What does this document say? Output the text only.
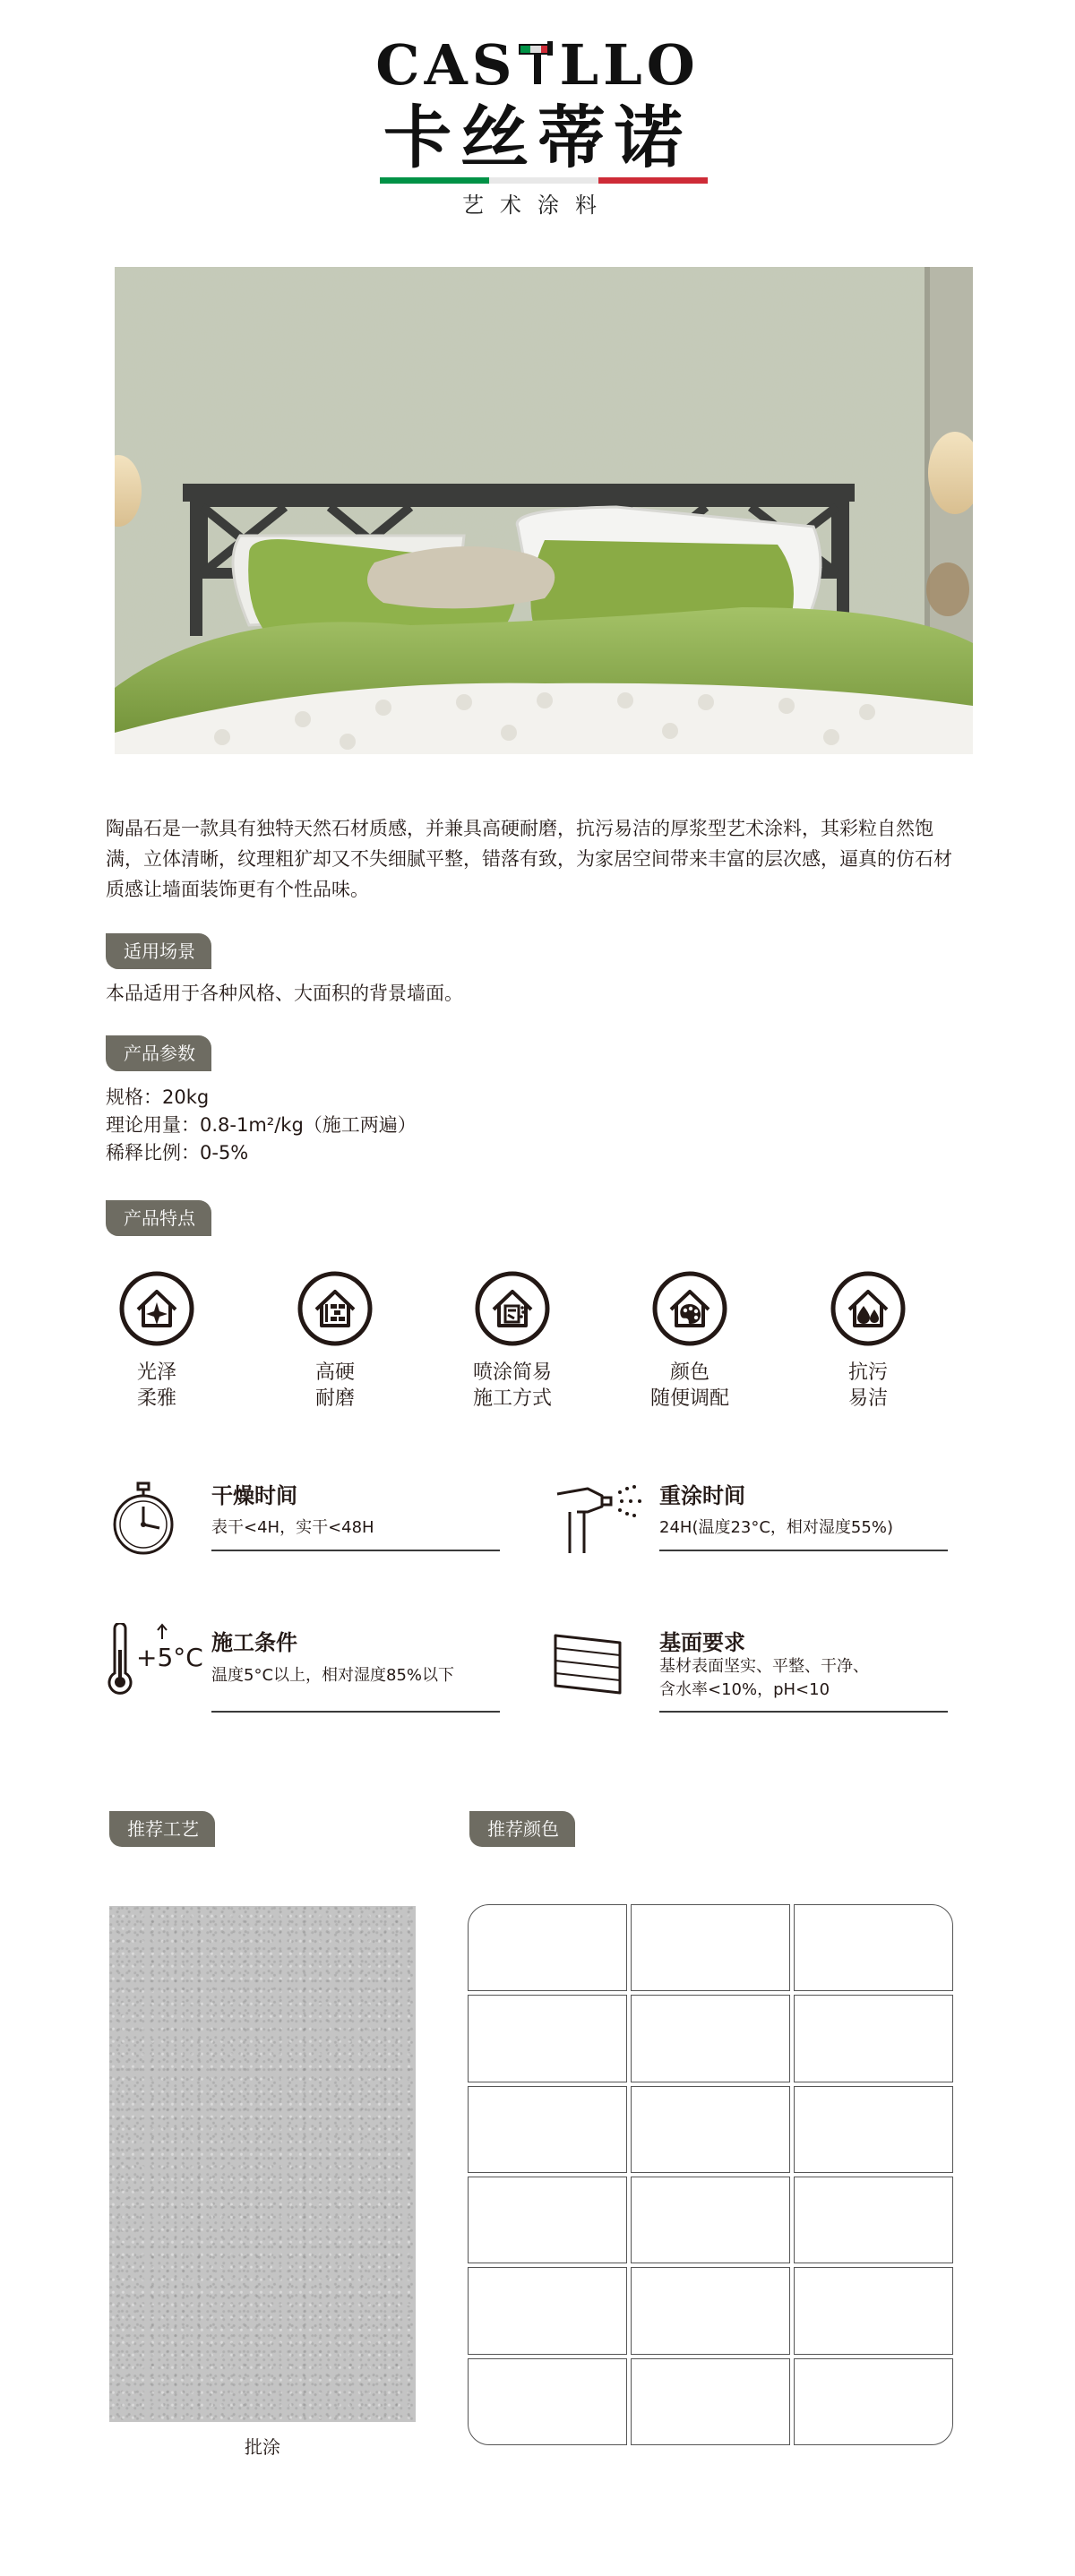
CAS LLO
卡丝蒂诺
艺术涂料
陶晶石是一款具有独特天然石材质感，并兼具高硬耐磨，抗污易洁的厚浆型艺术涂料，其彩粒自然饱满，立体清晰，纹理粗犷却又不失细腻平整，错落有致，为家居空间带来丰富的层次感，逼真的仿石材质感让墙面装饰更有个性品味。
适用场景
本品适用于各种风格、大面积的背景墙面。
产品参数
规格：20kg
理论用量：0.8-1m²/kg（施工两遍）
稀释比例：0-5%
产品特点
光泽
柔雅
高硬
耐磨
喷涂简易
施工方式
颜色
随便调配
抗污
易洁
干燥时间
表干<4H，实干<48H
重涂时间
24H(温度23°C，相对湿度55%)
+5°C 施工条件
温度5°C以上，相对湿度85%以下
基面要求
基材表面坚实、平整、干净、
含水率<10%，pH<10
推荐工艺	推荐颜色
批涂
